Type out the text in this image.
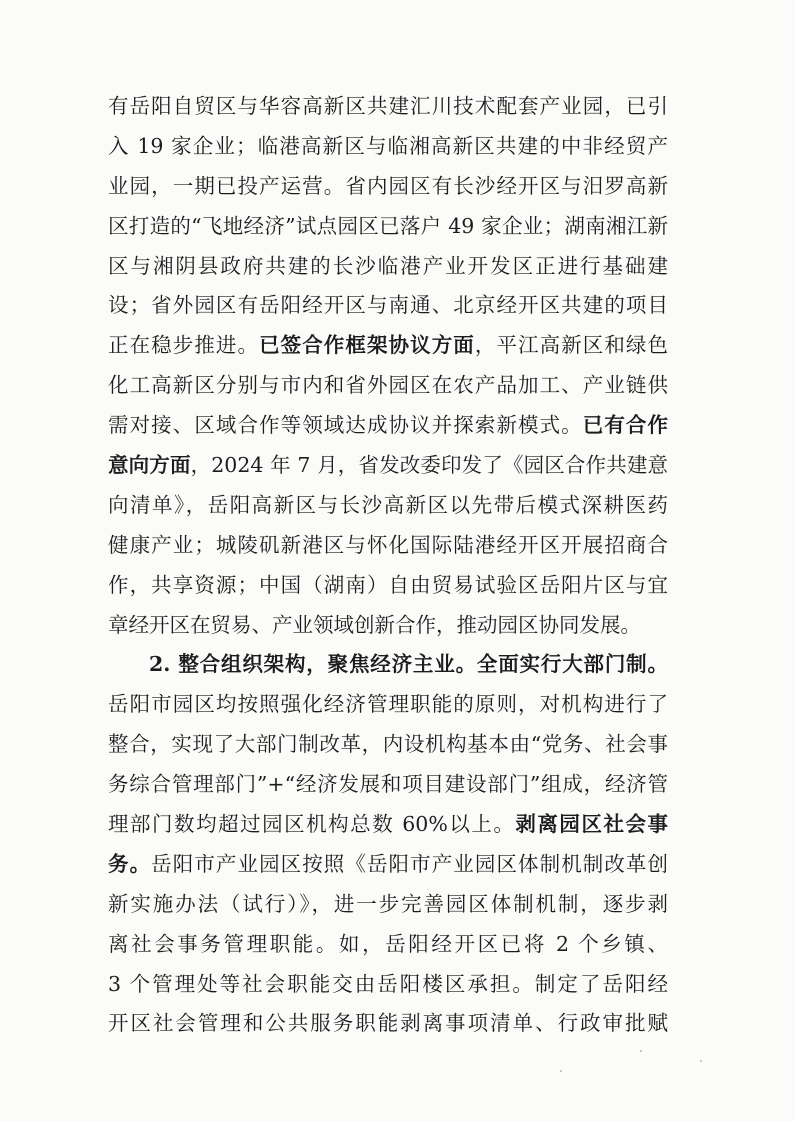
有岳阳自贸区与华容高新区共建汇川技术配套产业园，已引
入 19 家企业；临港高新区与临湘高新区共建的中非经贸产
业园，一期已投产运营。省内园区有长沙经开区与汨罗高新
区打造的“飞地经济”试点园区已落户 49 家企业；湖南湘江新
区与湘阴县政府共建的长沙临港产业开发区正进行基础建
设；省外园区有岳阳经开区与南通、北京经开区共建的项目
正在稳步推进。已签合作框架协议方面，平江高新区和绿色
化工高新区分别与市内和省外园区在农产品加工、产业链供
需对接、区域合作等领域达成协议并探索新模式。已有合作
意向方面，2024 年 7 月，省发改委印发了《园区合作共建意
向清单》，岳阳高新区与长沙高新区以先带后模式深耕医药
健康产业；城陵矶新港区与怀化国际陆港经开区开展招商合
作，共享资源；中国（湖南）自由贸易试验区岳阳片区与宜
章经开区在贸易、产业领域创新合作，推动园区协同发展。
2. 整合组织架构，聚焦经济主业。全面实行大部门制。
岳阳市园区均按照强化经济管理职能的原则，对机构进行了
整合，实现了大部门制改革，内设机构基本由“党务、社会事
务综合管理部门”+“经济发展和项目建设部门”组成，经济管
理部门数均超过园区机构总数 60%以上。剥离园区社会事
务。岳阳市产业园区按照《岳阳市产业园区体制机制改革创
新实施办法（试行）》，进一步完善园区体制机制，逐步剥
离社会事务管理职能。如，岳阳经开区已将 2 个乡镇、
3 个管理处等社会职能交由岳阳楼区承担。制定了岳阳经
开区社会管理和公共服务职能剥离事项清单、行政审批赋
